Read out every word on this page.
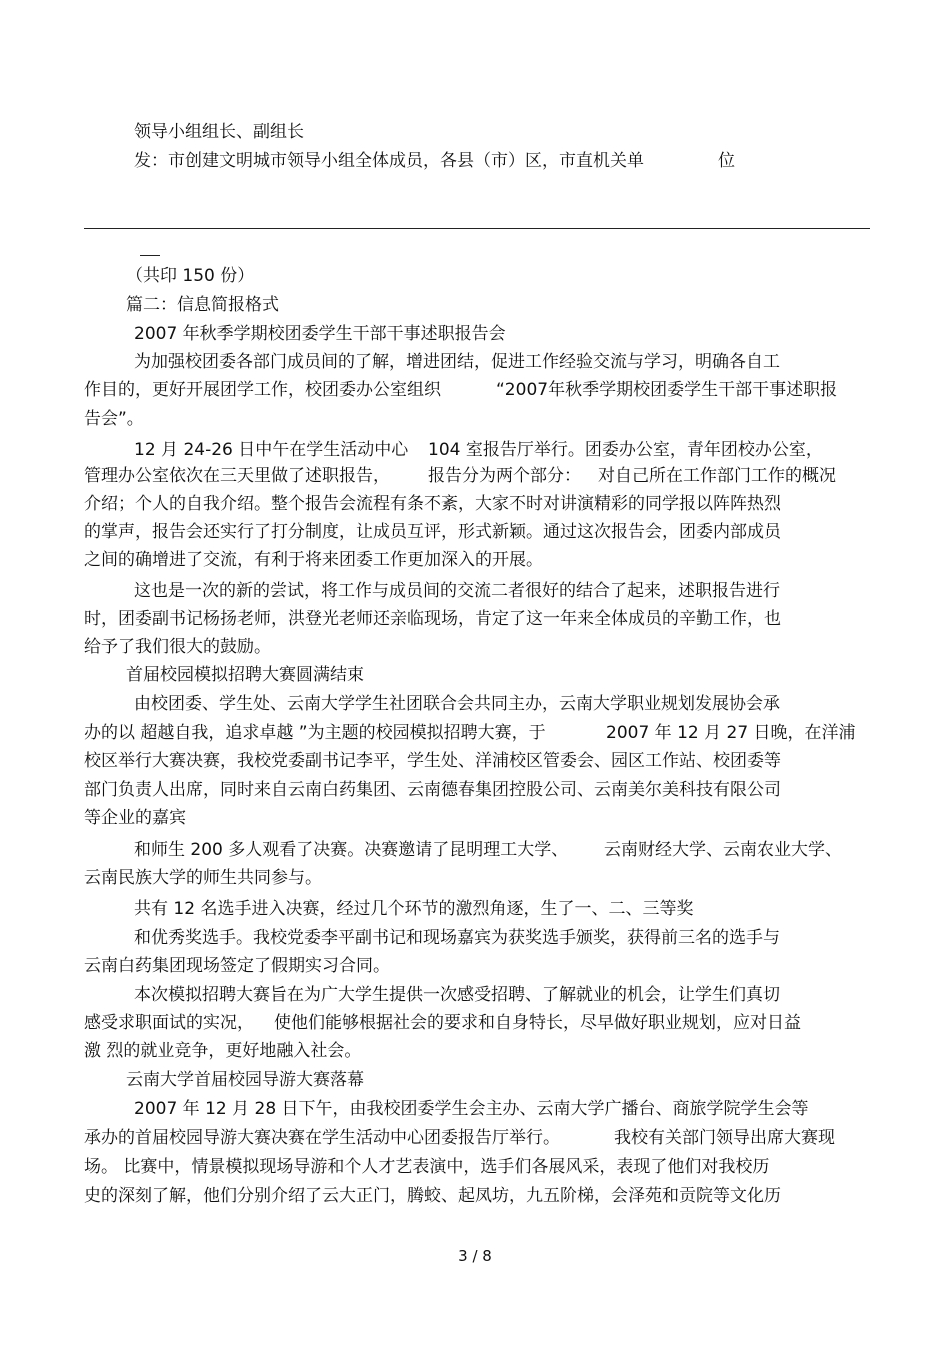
领导小组组长、副组长
发：市创建文明城市领导小组全体成员，各县（市）区，市直机关单	位
（共印 150 份）
篇二：信息简报格式
2007 年秋季学期校团委学生干部干事述职报告会
为加强校团委各部门成员间的了解，增进团结，促进工作经验交流与学习，明确各自工
作目的，更好开展团学工作，校团委办公室组织	“2007年秋季学期校团委学生干部干事述职报
告会”。
12 月 24-26 日中午在学生活动中心 104 室报告厅举行。团委办公室，青年团校办公室，
管理办公室依次在三天里做了述职报告， 报告分为两个部分： 对自己所在工作部门工作的概况
介绍；个人的自我介绍。整个报告会流程有条不紊，大家不时对讲演精彩的同学报以阵阵热烈
的掌声，报告会还实行了打分制度，让成员互评，形式新颖。通过这次报告会，团委内部成员
之间的确增进了交流，有利于将来团委工作更加深入的开展。
这也是一次的新的尝试，将工作与成员间的交流二者很好的结合了起来，述职报告进行
时，团委副书记杨扬老师，洪登光老师还亲临现场，肯定了这一年来全体成员的辛勤工作，也
给予了我们很大的鼓励。
首届校园模拟招聘大赛圆满结束
由校团委、学生处、云南大学学生社团联合会共同主办，云南大学职业规划发展协会承
办的以 超越自我，追求卓越 ”为主题的校园模拟招聘大赛，于	2007 年 12 月 27 日晚，在洋浦
校区举行大赛决赛，我校党委副书记李平，学生处、洋浦校区管委会、园区工作站、校团委等
部门负责人出席，同时来自云南白药集团、云南德春集团控股公司、云南美尔美科技有限公司
等企业的嘉宾
和师生 200 多人观看了决赛。决赛邀请了昆明理工大学、 云南财经大学、云南农业大学、
云南民族大学的师生共同参与。
共有 12 名选手进入决赛，经过几个环节的激烈角逐，生了一、二、三等奖
和优秀奖选手。我校党委李平副书记和现场嘉宾为获奖选手颁奖，获得前三名的选手与
云南白药集团现场签定了假期实习合同。
本次模拟招聘大赛旨在为广大学生提供一次感受招聘、了解就业的机会，让学生们真切
感受求职面试的实况， 使他们能够根据社会的要求和自身特长，尽早做好职业规划，应对日益
激 烈的就业竞争，更好地融入社会。
云南大学首届校园导游大赛落幕
2007 年 12 月 28 日下午，由我校团委学生会主办、云南大学广播台、商旅学院学生会等
承办的首届校园导游大赛决赛在学生活动中心团委报告厅举行。	我校有关部门领导出席大赛现
场。 比赛中，情景模拟现场导游和个人才艺表演中，选手们各展风采，表现了他们对我校历
史的深刻了解，他们分别介绍了云大正门，腾蛟、起凤坊，九五阶梯，会泽苑和贡院等文化历
3 / 8
